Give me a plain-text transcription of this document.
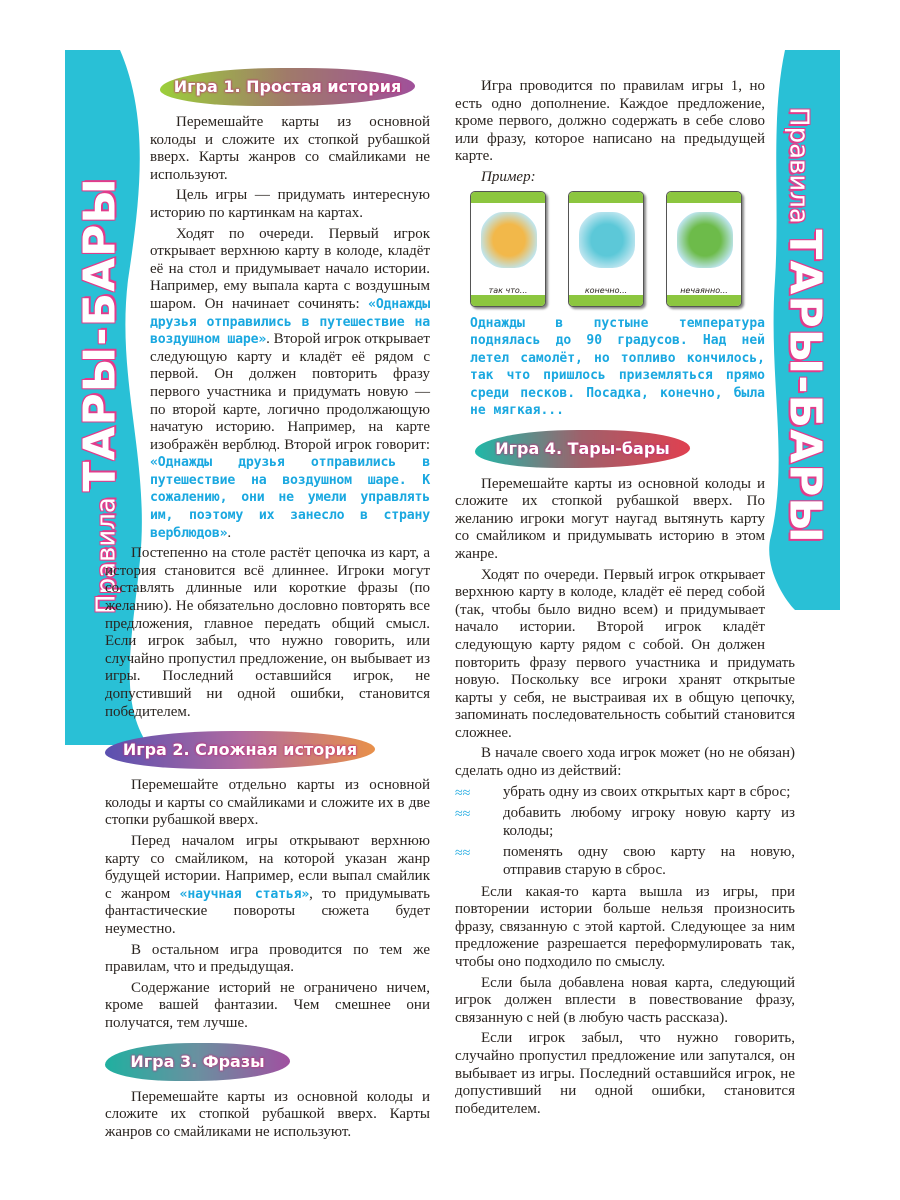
Правила ТАРЫ-БАРЫ
Правила ТАРЫ-БАРЫ
Игра 1. Простая история

Перемешайте карты из основной колоды и сложите их стопкой рубашкой вверх. Карты жанров со смайликами не используют.

Цель игры — придумать интересную историю по картинкам на картах.

Ходят по очереди. Первый игрок открывает верхнюю карту в колоде, кладёт её на стол и придумывает начало истории. Например, ему выпала карта с воздушным шаром. Он начинает сочинять: «Однажды друзья отправились в путешествие на воздушном шаре». Второй игрок открывает следующую карту и кладёт её рядом с первой. Он должен повторить фразу первого участника и придумать новую — по второй карте, логично продолжающую начатую историю. Например, на карте изображён верблюд. Второй игрок говорит: «Однажды друзья отправились в путешествие на воздушном шаре. К сожалению, они не умели управлять им, поэтому их занесло в страну верблюдов».

Постепенно на столе растёт цепочка из карт, а история становится всё длиннее. Игроки могут составлять длинные или короткие фразы (по желанию). Не обязательно дословно повторять все предложения, главное передать общий смысл. Если игрок забыл, что нужно говорить, или случайно пропустил предложение, он выбывает из игры. Последний оставшийся игрок, не допустивший ни одной ошибки, становится победителем.

Игра 2. Сложная история

Перемешайте отдельно карты из основной колоды и карты со смайликами и сложите их в две стопки рубашкой вверх.

Перед началом игры открывают верхнюю карту со смайликом, на которой указан жанр будущей истории. Например, если выпал смайлик с жанром «научная статья», то придумывать фантастические повороты сюжета будет неуместно.

В остальном игра проводится по тем же правилам, что и предыдущая.

Содержание историй не ограничено ничем, кроме вашей фантазии. Чем смешнее они получатся, тем лучше.

Игра 3. Фразы

Перемешайте карты из основной колоды и сложите их стопкой рубашкой вверх. Карты жанров со смайликами не используют.

Игра проводится по правилам игры 1, но есть одно дополнение. Каждое предложение, кроме первого, должно содержать в себе слово или фразу, которое написано на предыдущей карте.

Пример:
так что...	конечно...	нечаянно...
Однажды в пустыне температура поднялась до 90 градусов. Над ней летел самолёт, но топливо кончилось, так что пришлось приземляться прямо среди песков. Посадка, конечно, была не мягкая...
Игра 4. Тары-бары

Перемешайте карты из основной колоды и сложите их стопкой рубашкой вверх. По желанию игроки могут наугад вытянуть карту со смайликом и придумывать историю в этом жанре.

Ходят по очереди. Первый игрок открывает верхнюю карту в колоде, кладёт её перед собой (так, чтобы было видно всем) и придумывает начало истории. Второй игрок кладёт следующую карту рядом с собой. Он должен повторить фразу первого участника и придумать новую. Поскольку все игроки хранят открытые карты у себя, не выстраивая их в общую цепочку, запоминать последовательность событий становится сложнее.

В начале своего хода игрок может (но не обязан) сделать одно из действий:

≈≈ убрать одну из своих открытых карт в сброс;
≈≈ добавить любому игроку новую карту из колоды;
≈≈ поменять одну свою карту на новую, отправив старую в сброс.

Если какая-то карта вышла из игры, при повторении истории больше нельзя произносить фразу, связанную с этой картой. Следующее за ним предложение разрешается переформулировать так, чтобы оно подходило по смыслу.

Если была добавлена новая карта, следующий игрок должен вплести в повествование фразу, связанную с ней (в любую часть рассказа).

Если игрок забыл, что нужно говорить, случайно пропустил предложение или запутался, он выбывает из игры. Последний оставшийся игрок, не допустивший ни одной ошибки, становится победителем.
